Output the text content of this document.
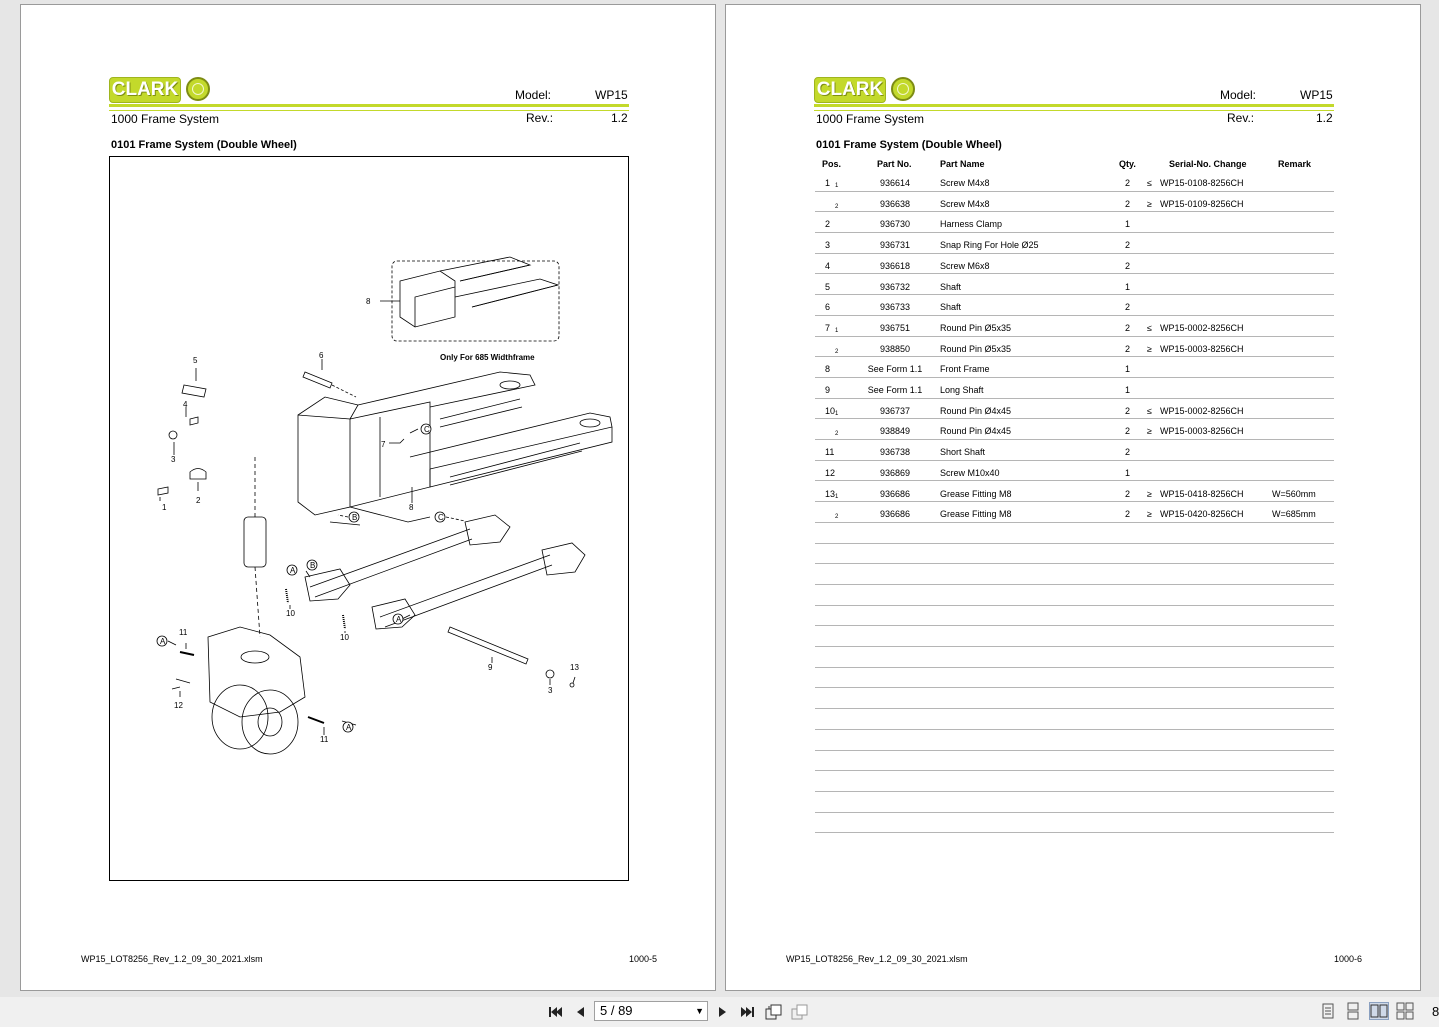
CLARK	Model:	WP15
1000 Frame System	Rev.:	1.2
0101 Frame System (Double Wheel)
C
B	C
A
B
A
A
A
Only For 685 Widthframe
1
2
3
3
4
5
6
7
8
8
9
10
10
11
11
12
13
WP15_LOT8256_Rev_1.2_09_30_2021.xlsm	1000-5
CLARK	Model:	WP15
1000 Frame System	Rev.:	1.2
0101 Frame System (Double Wheel)
Pos.	Part No.	Part Name	Qty.	Serial-No. Change	Remark
1 1	936614	Screw M4x8	2 ≤ WP15-0108-8256CH
2	936638	Screw M4x8	2 ≥ WP15-0109-8256CH
2	936730	Harness Clamp	1
3	936731	Snap Ring For Hole Ø25	2
4	936618	Screw M6x8	2
5	936732	Shaft	1
6	936733	Shaft	2
7 1	936751	Round Pin Ø5x35	2 ≤ WP15-0002-8256CH
2	938850	Round Pin Ø5x35	2 ≥ WP15-0003-8256CH
8	See Form 1.1	Front Frame	1
9	See Form 1.1	Long Shaft	1
10 1	936737	Round Pin Ø4x45	2 ≤ WP15-0002-8256CH
2	938849	Round Pin Ø4x45	2 ≥ WP15-0003-8256CH
11	936738	Short Shaft	2
12	936869	Screw M10x40	1
13 1	936686	Grease Fitting M8	2 ≥ WP15-0418-8256CH	W=560mm
2	936686	Grease Fitting M8	2 ≥ WP15-0420-8256CH	W=685mm
WP15_LOT8256_Rev_1.2_09_30_2021.xlsm	1000-6
5 / 89	▼	8
